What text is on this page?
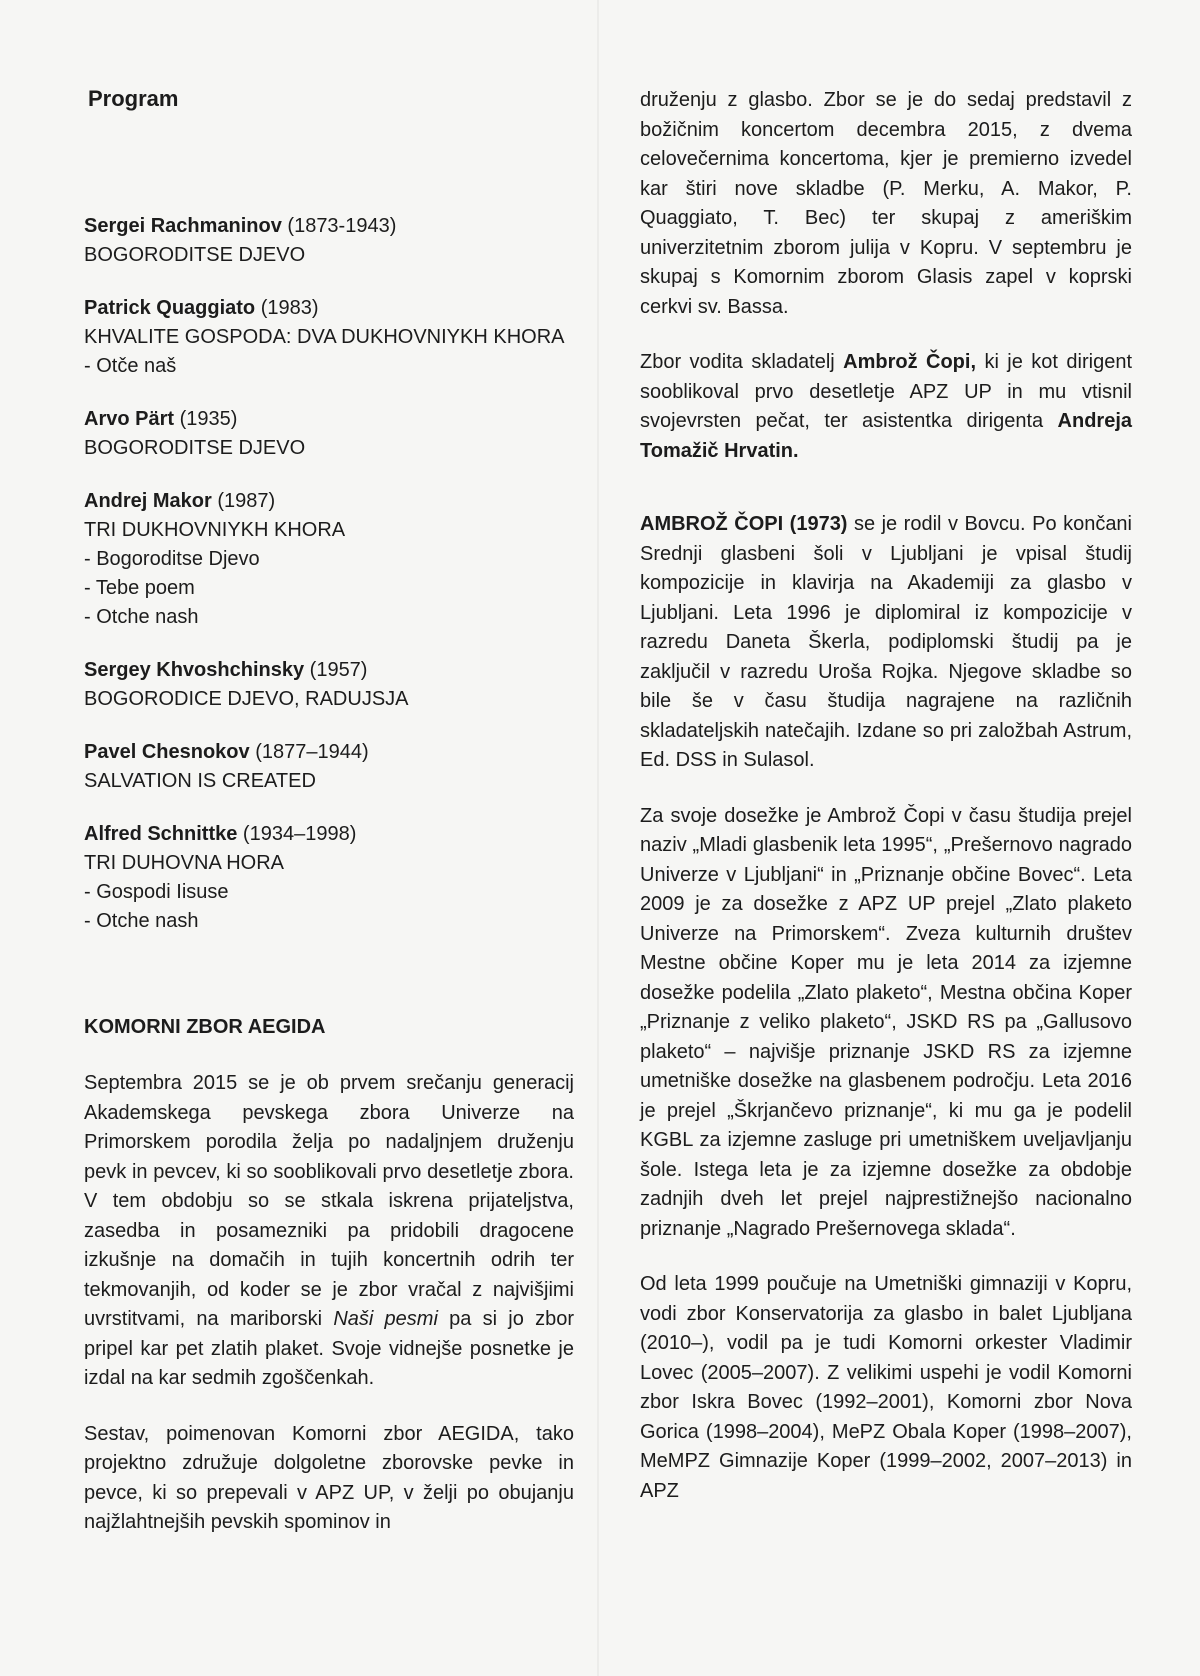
Program
Sergei Rachmaninov (1873-1943)
BOGORODITSE DJEVO
Patrick Quaggiato (1983)
KHVALITE GOSPODA: DVA DUKHOVNIYKH KHORA
- Otče naš
Arvo Pärt (1935)
BOGORODITSE DJEVO
Andrej Makor (1987)
TRI DUKHOVNIYKH KHORA
- Bogoroditse Djevo
- Tebe poem
- Otche nash
Sergey Khvoshchinsky (1957)
BOGORODICE DJEVO, RADUJSJA
Pavel Chesnokov (1877–1944)
SALVATION IS CREATED
Alfred Schnittke (1934–1998)
TRI DUHOVNA HORA
- Gospodi Iisuse
- Otche nash
KOMORNI ZBOR AEGIDA

Septembra 2015 se je ob prvem srečanju generacij Akademskega pevskega zbora Univerze na Primorskem porodila želja po nadaljnjem druženju pevk in pevcev, ki so sooblikovali prvo desetletje zbora. V tem obdobju so se stkala iskrena prijateljstva, zasedba in posamezniki pa pridobili dragocene izkušnje na domačih in tujih koncertnih odrih ter tekmovanjih, od koder se je zbor vračal z najvišjimi uvrstitvami, na mariborski Naši pesmi pa si jo zbor pripel kar pet zlatih plaket. Svoje vidnejše posnetke je izdal na kar sedmih zgoščenkah.

Sestav, poimenovan Komorni zbor AEGIDA, tako projektno združuje dolgoletne zborovske pevke in pevce, ki so prepevali v APZ UP, v želji po obujanju najžlahtnejših pevskih spominov in

druženju z glasbo. Zbor se je do sedaj predstavil z božičnim koncertom decembra 2015, z dvema celovečernima koncertoma, kjer je premierno izvedel kar štiri nove skladbe (P. Merku, A. Makor, P. Quaggiato, T. Bec) ter skupaj z ameriškim univerzitetnim zborom julija v Kopru. V septembru je skupaj s Komornim zborom Glasis zapel v koprski cerkvi sv. Bassa.

Zbor vodita skladatelj Ambrož Čopi, ki je kot dirigent sooblikoval prvo desetletje APZ UP in mu vtisnil svojevrsten pečat, ter asistentka dirigenta Andreja Tomažič Hrvatin.

AMBROŽ ČOPI (1973) se je rodil v Bovcu. Po končani Srednji glasbeni šoli v Ljubljani je vpisal študij kompozicije in klavirja na Akademiji za glasbo v Ljubljani. Leta 1996 je diplomiral iz kompozicije v razredu Daneta Škerla, podiplomski študij pa je zaključil v razredu Uroša Rojka. Njegove skladbe so bile še v času študija nagrajene na različnih skladateljskih natečajih. Izdane so pri založbah Astrum, Ed. DSS in Sulasol.

Za svoje dosežke je Ambrož Čopi v času študija prejel naziv „Mladi glasbenik leta 1995“, „Prešernovo nagrado Univerze v Ljubljani“ in „Priznanje občine Bovec“. Leta 2009 je za dosežke z APZ UP prejel „Zlato plaketo Univerze na Primorskem“. Zveza kulturnih društev Mestne občine Koper mu je leta 2014 za izjemne dosežke podelila „Zlato plaketo“, Mestna občina Koper „Priznanje z veliko plaketo“, JSKD RS pa „Gallusovo plaketo“ – najvišje priznanje JSKD RS za izjemne umetniške dosežke na glasbenem področju. Leta 2016 je prejel „Škrjančevo priznanje“, ki mu ga je podelil KGBL za izjemne zasluge pri umetniškem uveljavljanju šole. Istega leta je za izjemne dosežke za obdobje zadnjih dveh let prejel najprestižnejšo nacionalno priznanje „Nagrado Prešernovega sklada“.

Od leta 1999 poučuje na Umetniški gimnaziji v Kopru, vodi zbor Konservatorija za glasbo in balet Ljubljana (2010–), vodil pa je tudi Komorni orkester Vladimir Lovec (2005–2007). Z velikimi uspehi je vodil Komorni zbor Iskra Bovec (1992–2001), Komorni zbor Nova Gorica (1998–2004), MePZ Obala Koper (1998–2007), MeMPZ Gimnazije Koper (1999–2002, 2007–2013) in APZ
